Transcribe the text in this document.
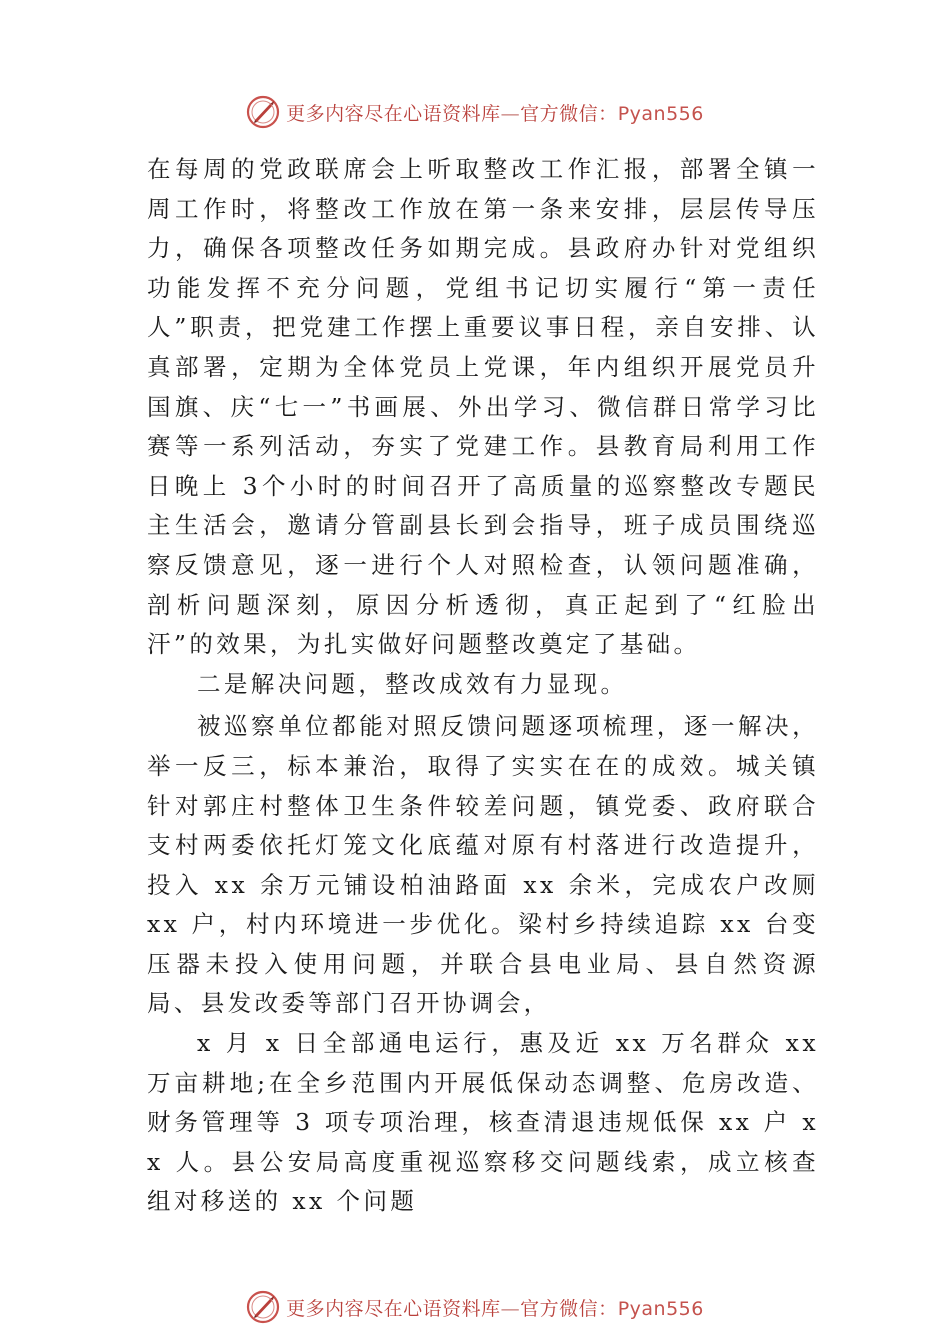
更多内容尽在心语资料库—官方微信：Pyan556

在每周的党政联席会上听取整改工作汇报，部署全镇一周工作时，将整改工作放在第一条来安排，层层传导压力，确保各项整改任务如期完成。县政府办针对党组织功能发挥不充分问题，党组书记切实履行“第一责任人”职责，把党建工作摆上重要议事日程，亲自安排、认真部署，定期为全体党员上党课，年内组织开展党员升国旗、庆“七一”书画展、外出学习、微信群日常学习比赛等一系列活动，夯实了党建工作。县教育局利用工作日晚上 3个小时的时间召开了高质量的巡察整改专题民主生活会，邀请分管副县长到会指导，班子成员围绕巡察反馈意见，逐一进行个人对照检查，认领问题准确，剖析问题深刻，原因分析透彻，真正起到了“红脸出汗”的效果，为扎实做好问题整改奠定了基础。

二是解决问题，整改成效有力显现。

被巡察单位都能对照反馈问题逐项梳理，逐一解决，举一反三，标本兼治，取得了实实在在的成效。城关镇针对郭庄村整体卫生条件较差问题，镇党委、政府联合支村两委依托灯笼文化底蕴对原有村落进行改造提升，投入 xx 余万元铺设柏油路面 xx 余米，完成农户改厕 xx 户，村内环境进一步优化。梁村乡持续追踪 xx 台变压器未投入使用问题，并联合县电业局、县自然资源局、县发改委等部门召开协调会，

x 月 x 日全部通电运行，惠及近 xx 万名群众 xx 万亩耕地;在全乡范围内开展低保动态调整、危房改造、财务管理等 3 项专项治理，核查清退违规低保 xx 户 xx 人。县公安局高度重视巡察移交问题线索，成立核查组对移送的 xx 个问题

更多内容尽在心语资料库—官方微信：Pyan556
